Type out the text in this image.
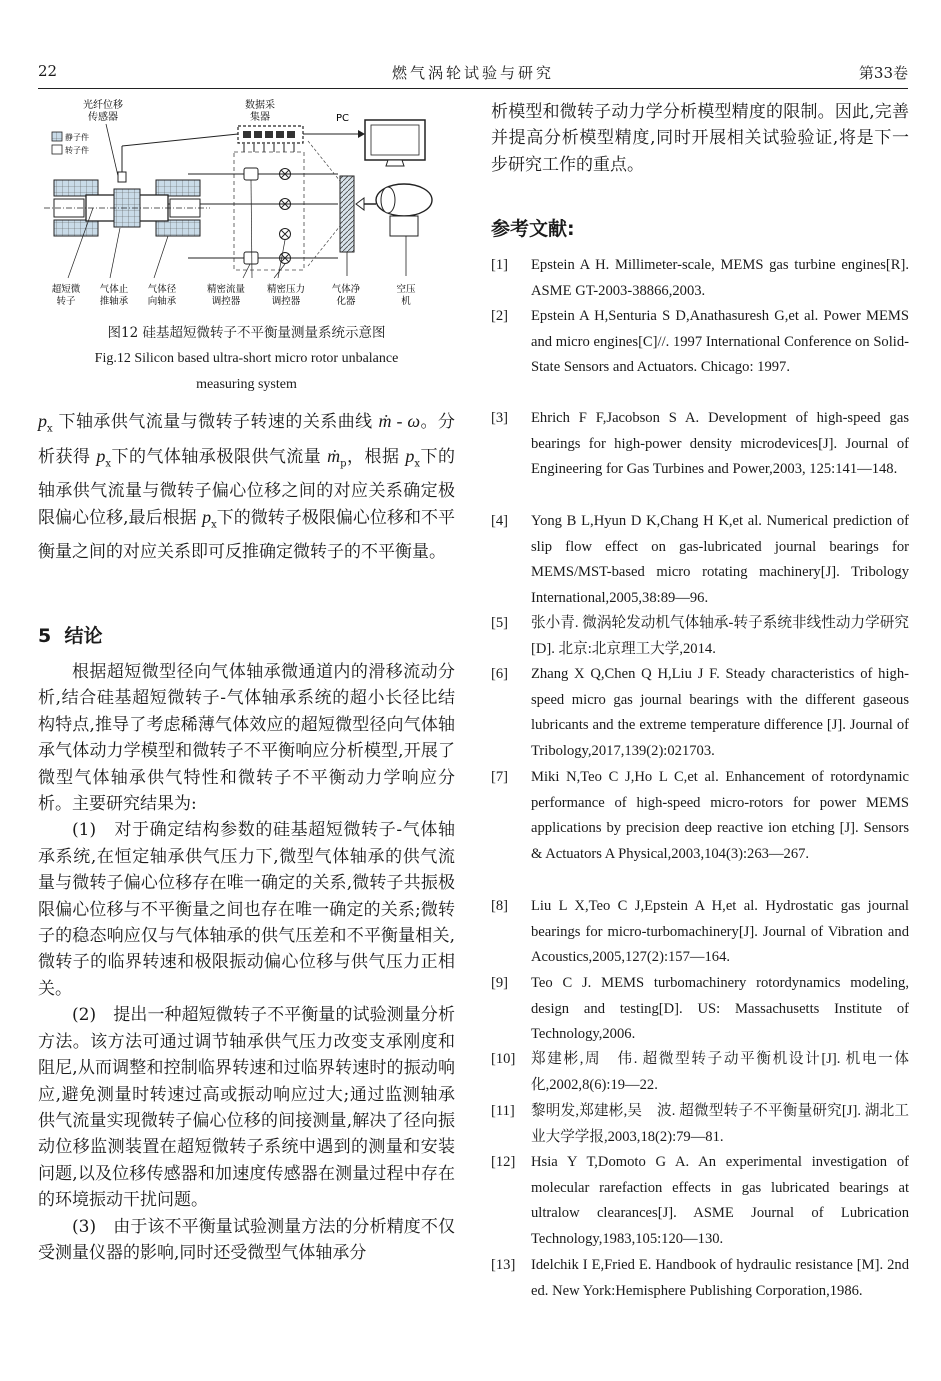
22	燃气涡轮试验与研究	第33卷
光纤位移
传感器
静子件
转子件
数据采
集器	PC
超短微
转子
气体止
推轴承
气体径
向轴承
精密流量
调控器
精密压力
调控器
气体净
化器
空压
机
图12 硅基超短微转子不平衡量测量系统示意图
Fig.12 Silicon based ultra-short micro rotor unbalance
measuring system

$p_x$ 下轴承供气流量与微转子转速的关系曲线 ṁ - ω。分析获得 $p_x$下的气体轴承极限供气流量 ṁ$_p$，根据 $p_x$下的轴承供气流量与微转子偏心位移之间的对应关系确定极限偏心位移,最后根据 $p_x$下的微转子极限偏心位移和不平衡量之间的对应关系即可反推确定微转子的不平衡量。

5 结论

根据超短微型径向气体轴承微通道内的滑移流动分析,结合硅基超短微转子-气体轴承系统的超小长径比结构特点,推导了考虑稀薄气体效应的超短微型径向气体轴承气体动力学模型和微转子不平衡响应分析模型,开展了微型气体轴承供气特性和微转子不平衡动力学响应分析。主要研究结果为:

(1)　对于确定结构参数的硅基超短微转子-气体轴承系统,在恒定轴承供气压力下,微型气体轴承的供气流量与微转子偏心位移存在唯一确定的关系,微转子共振极限偏心位移与不平衡量之间也存在唯一确定的关系;微转子的稳态响应仅与气体轴承的供气压差和不平衡量相关,微转子的临界转速和极限振动偏心位移与供气压力正相关。

(2)　提出一种超短微转子不平衡量的试验测量分析方法。该方法可通过调节轴承供气压力改变支承刚度和阻尼,从而调整和控制临界转速和过临界转速时的振动响应,避免测量时转速过高或振动响应过大;通过监测轴承供气流量实现微转子偏心位移的间接测量,解决了径向振动位移监测装置在超短微转子系统中遇到的测量和安装问题,以及位移传感器和加速度传感器在测量过程中存在的环境振动干扰问题。

(3)　由于该不平衡量试验测量方法的分析精度不仅受测量仪器的影响,同时还受微型气体轴承分

析模型和微转子动力学分析模型精度的限制。因此,完善并提高分析模型精度,同时开展相关试验验证,将是下一步研究工作的重点。

参考文献:
[1]	Epstein A H. Millimeter-scale, MEMS gas turbine engines[R]. ASME GT-2003-38866,2003.
[2]	Epstein A H,Senturia S D,Anathasuresh G,et al. Power MEMS and micro engines[C]//. 1997 International Conference on Solid-State Sensors and Actuators. Chicago: 1997.
[3]	Ehrich F F,Jacobson S A. Development of high-speed gas bearings for high-power density microdevices[J]. Journal of Engineering for Gas Turbines and Power,2003, 125:141—148.
[4]	Yong B L,Hyun D K,Chang H K,et al. Numerical prediction of slip flow effect on gas-lubricated journal bearings for MEMS/MST-based micro rotating machinery[J]. Tribology International,2005,38:89—96.
[5]	张小青. 微涡轮发动机气体轴承-转子系统非线性动力学研究[D]. 北京:北京理工大学,2014.
[6]	Zhang X Q,Chen Q H,Liu J F. Steady characteristics of high-speed micro gas journal bearings with the different gaseous lubricants and the extreme temperature difference [J]. Journal of Tribology,2017,139(2):021703.
[7]	Miki N,Teo C J,Ho L C,et al. Enhancement of rotordynamic performance of high-speed micro-rotors for power MEMS applications by precision deep reactive ion etching [J]. Sensors & Actuators A Physical,2003,104(3):263—267.
[8]	Liu L X,Teo C J,Epstein A H,et al. Hydrostatic gas journal bearings for micro-turbomachinery[J]. Journal of Vibration and Acoustics,2005,127(2):157—164.
[9]	Teo C J. MEMS turbomachinery rotordynamics modeling, design and testing[D]. US: Massachusetts Institute of Technology,2006.
[10]	郑建彬,周　伟. 超微型转子动平衡机设计[J]. 机电一体化,2002,8(6):19—22.
[11]	黎明发,郑建彬,吴　波. 超微型转子不平衡量研究[J]. 湖北工业大学学报,2003,18(2):79—81.
[12]	Hsia Y T,Domoto G A. An experimental investigation of molecular rarefaction effects in gas lubricated bearings at ultralow clearances[J]. ASME Journal of Lubrication Technology,1983,105:120—130.
[13]	Idelchik I E,Fried E. Handbook of hydraulic resistance [M]. 2nd ed. New York:Hemisphere Publishing Corporation,1986.
